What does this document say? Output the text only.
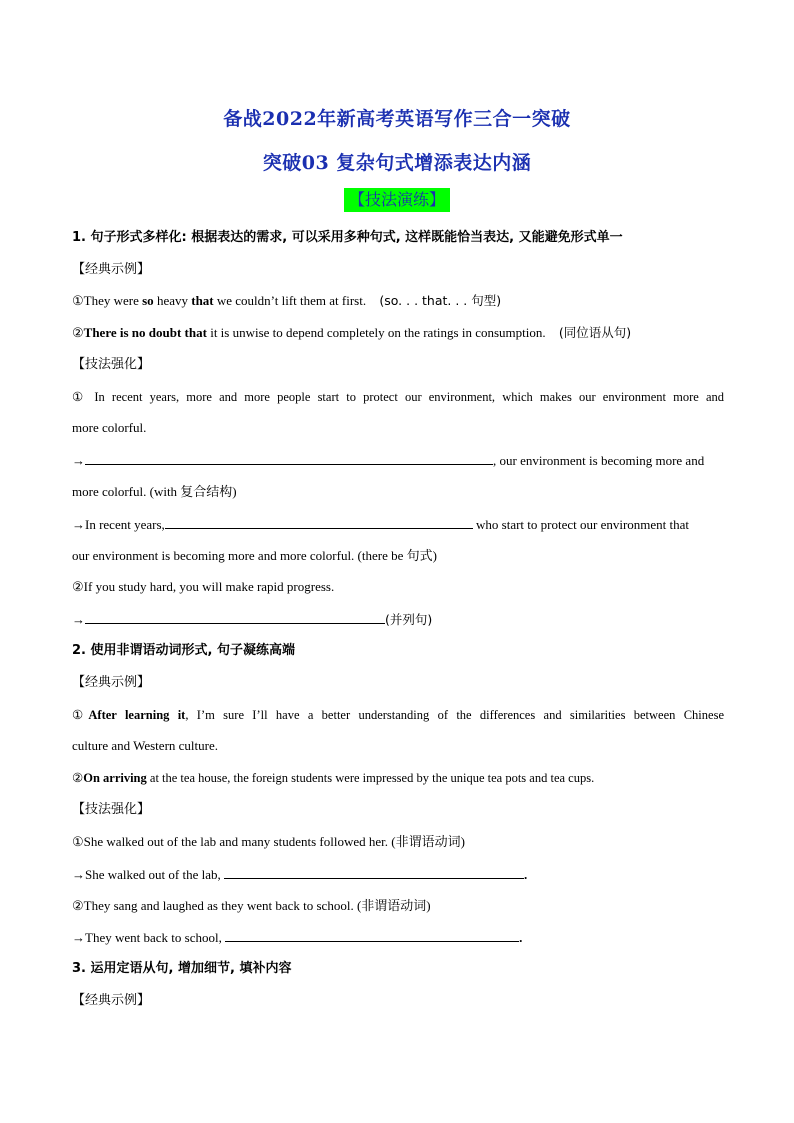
备战2022年新高考英语写作三合一突破
突破03 复杂句式增添表达内涵
【技法演练】
1. 句子形式多样化: 根据表达的需求, 可以采用多种句式, 这样既能恰当表达, 又能避免形式单一
【经典示例】
①They were so heavy that we couldn’t lift them at first. (so. . . that. . . 句型)
②There is no doubt that it is unwise to depend completely on the ratings in consumption. (同位语从句)
【技法强化】
① In recent years, more and more people start to protect our environment, which makes our environment more and
more colorful.
→	, our environment is becoming more and
more colorful. (with 复合结构)
→In recent years,	who start to protect our environment that
our environment is becoming more and more colorful. (there be 句式)
②If you study hard, you will make rapid progress.
→	(并列句)
2. 使用非谓语动词形式, 句子凝练高端
【经典示例】
①After learning it, I’m sure I’ll have a better understanding of the differences and similarities between Chinese
culture and Western culture.
②On arriving at the tea house, the foreign students were impressed by the unique tea pots and tea cups.
【技法强化】
①She walked out of the lab and many students followed her. (非谓语动词)
→She walked out of the lab,	.
②They sang and laughed as they went back to school. (非谓语动词)
→They went back to school,	.
3. 运用定语从句, 增加细节, 填补内容
【经典示例】
